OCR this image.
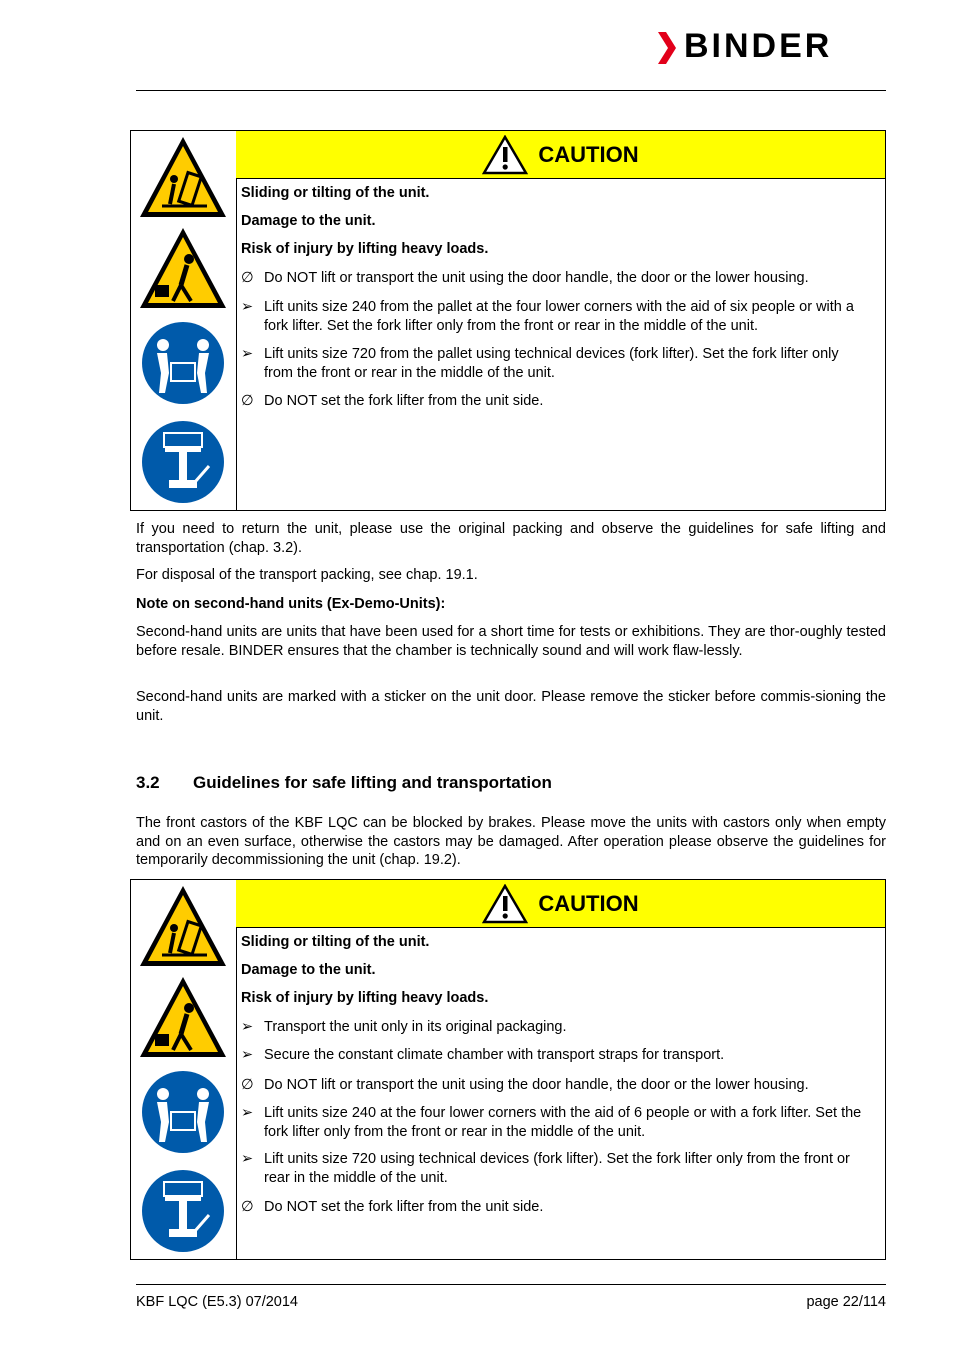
BINDER
CAUTION
Sliding or tilting of the unit.
Damage to the unit.
Risk of injury by lifting heavy loads.
∅ Do NOT lift or transport the unit using the door handle, the door or the lower housing.
➢ Lift units size 240 from the pallet at the four lower corners with the aid of six people or with a fork lifter. Set the fork lifter only from the front or rear in the middle of the unit.
➢ Lift units size 720 from the pallet using technical devices (fork lifter). Set the fork lifter only from the front or rear in the middle of the unit.
∅ Do NOT set the fork lifter from the unit side.
If you need to return the unit, please use the original packing and observe the guidelines for safe lifting and transportation (chap. 3.2).
For disposal of the transport packing, see chap. 19.1.
Note on second-hand units (Ex-Demo-Units):
Second-hand units are units that have been used for a short time for tests or exhibitions. They are thor-oughly tested before resale. BINDER ensures that the chamber is technically sound and will work flaw-lessly.
Second-hand units are marked with a sticker on the unit door. Please remove the sticker before commis-sioning the unit.
3.2 Guidelines for safe lifting and transportation
The front castors of the KBF LQC can be blocked by brakes. Please move the units with castors only when empty and on an even surface, otherwise the castors may be damaged. After operation please observe the guidelines for temporarily decommissioning the unit (chap. 19.2).
CAUTION
Sliding or tilting of the unit.
Damage to the unit.
Risk of injury by lifting heavy loads.
➢ Transport the unit only in its original packaging.
➢ Secure the constant climate chamber with transport straps for transport.
∅ Do NOT lift or transport the unit using the door handle, the door or the lower housing.
➢ Lift units size 240 at the four lower corners with the aid of 6 people or with a fork lifter. Set the fork lifter only from the front or rear in the middle of the unit.
➢ Lift units size 720 using technical devices (fork lifter). Set the fork lifter only from the front or rear in the middle of the unit.
∅ Do NOT set the fork lifter from the unit side.
KBF LQC (E5.3) 07/2014	page 22/114
